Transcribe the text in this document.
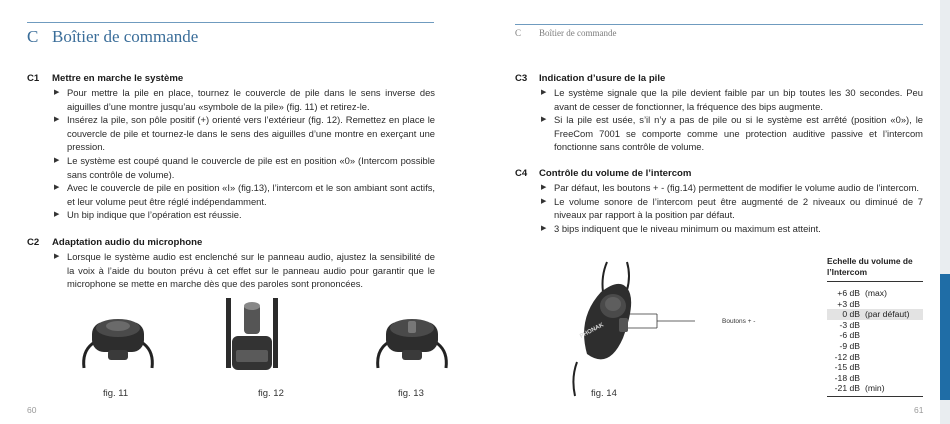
C Boîtier de commande
C1 Mettre en marche le système
▶ Pour mettre la pile en place, tournez le couvercle de pile dans le sens inverse des aiguilles d’une montre jusqu’au «symbole de la pile» (fig. 11) et retirez-le.
▶ Insérez la pile, son pôle positif (+) orienté vers l’extérieur (fig. 12). Remettez en place le couvercle de pile et tournez-le dans le sens des aiguilles d’une montre en exerçant une pression.
▶ Le système est coupé quand le couvercle de pile est en position «0» (Intercom possible sans contrôle de volume).
▶ Avec le couvercle de pile en position «I» (fig.13), l’intercom et le son ambiant sont actifs, et leur volume peut être réglé indépendamment.
▶ Un bip indique que l’opération est réussie.
C2 Adaptation audio du microphone
▶ Lorsque le système audio est enclenché sur le panneau audio, ajustez la sensibilité de la voix à l’aide du bouton prévu à cet effet sur le panneau audio pour garantir que le microphone se mette en marche dès que des paroles sont prononcées.
fig. 11	fig. 12	fig. 13
60
C Boîtier de commande
C3 Indication d’usure de la pile
▶ Le système signale que la pile devient faible par un bip toutes les 30 secondes. Peu avant de cesser de fonctionner, la fréquence des bips augmente.
▶ Si la pile est usée, s’il n’y a pas de pile ou si le système est arrêté (position «0»), le FreeCom 7001 se comporte comme une protection auditive passive et l’intercom fonctionne sans contrôle de volume.
C4 Contrôle du volume de l’intercom
▶ Par défaut, les boutons + - (fig.14) permettent de modifier le volume audio de l’intercom.
▶ Le volume sonore de l’intercom peut être augmenté de 2 niveaux ou diminué de 7 niveaux par rapport à la position par défaut.
▶ 3 bips indiquent que le niveau minimum ou maximum est atteint.
Boutons + -
PHONAK
fig. 14
61
Echelle du volume de l’Intercom
+6 dB (max)
+3 dB
0 dB (par défaut)
-3 dB
-6 dB
-9 dB
-12 dB
-15 dB
-18 dB
-21 dB (min)
